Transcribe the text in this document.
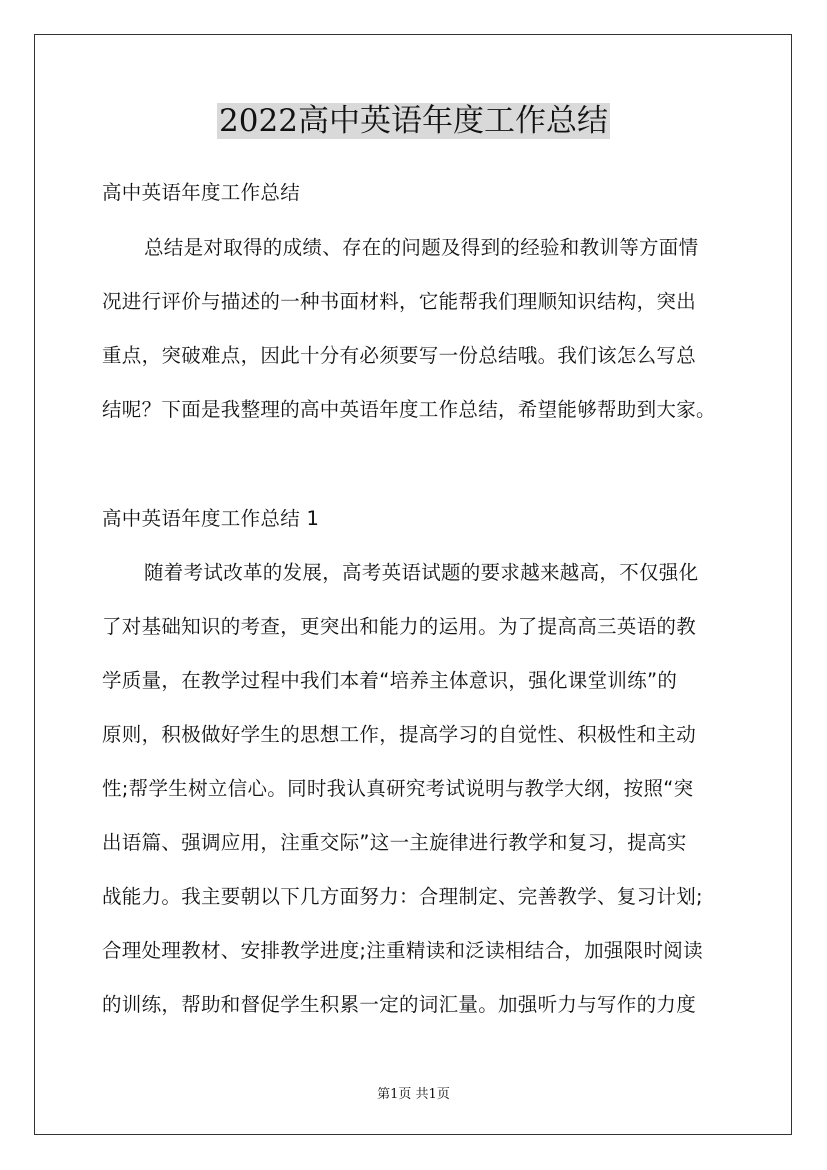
2022高中英语年度工作总结
高中英语年度工作总结
总结是对取得的成绩、存在的问题及得到的经验和教训等方面情
况进行评价与描述的一种书面材料，它能帮我们理顺知识结构，突出
重点，突破难点，因此十分有必须要写一份总结哦。我们该怎么写总
结呢？下面是我整理的高中英语年度工作总结，希望能够帮助到大家。
高中英语年度工作总结 1
随着考试改革的发展，高考英语试题的要求越来越高，不仅强化
了对基础知识的考查，更突出和能力的运用。为了提高高三英语的教
学质量，在教学过程中我们本着“培养主体意识，强化课堂训练”的
原则，积极做好学生的思想工作，提高学习的自觉性、积极性和主动
性;帮学生树立信心。同时我认真研究考试说明与教学大纲，按照“突
出语篇、强调应用，注重交际”这一主旋律进行教学和复习，提高实
战能力。我主要朝以下几方面努力：合理制定、完善教学、复习计划;
合理处理教材、安排教学进度;注重精读和泛读相结合，加强限时阅读
的训练，帮助和督促学生积累一定的词汇量。加强听力与写作的力度
第1页 共1页
